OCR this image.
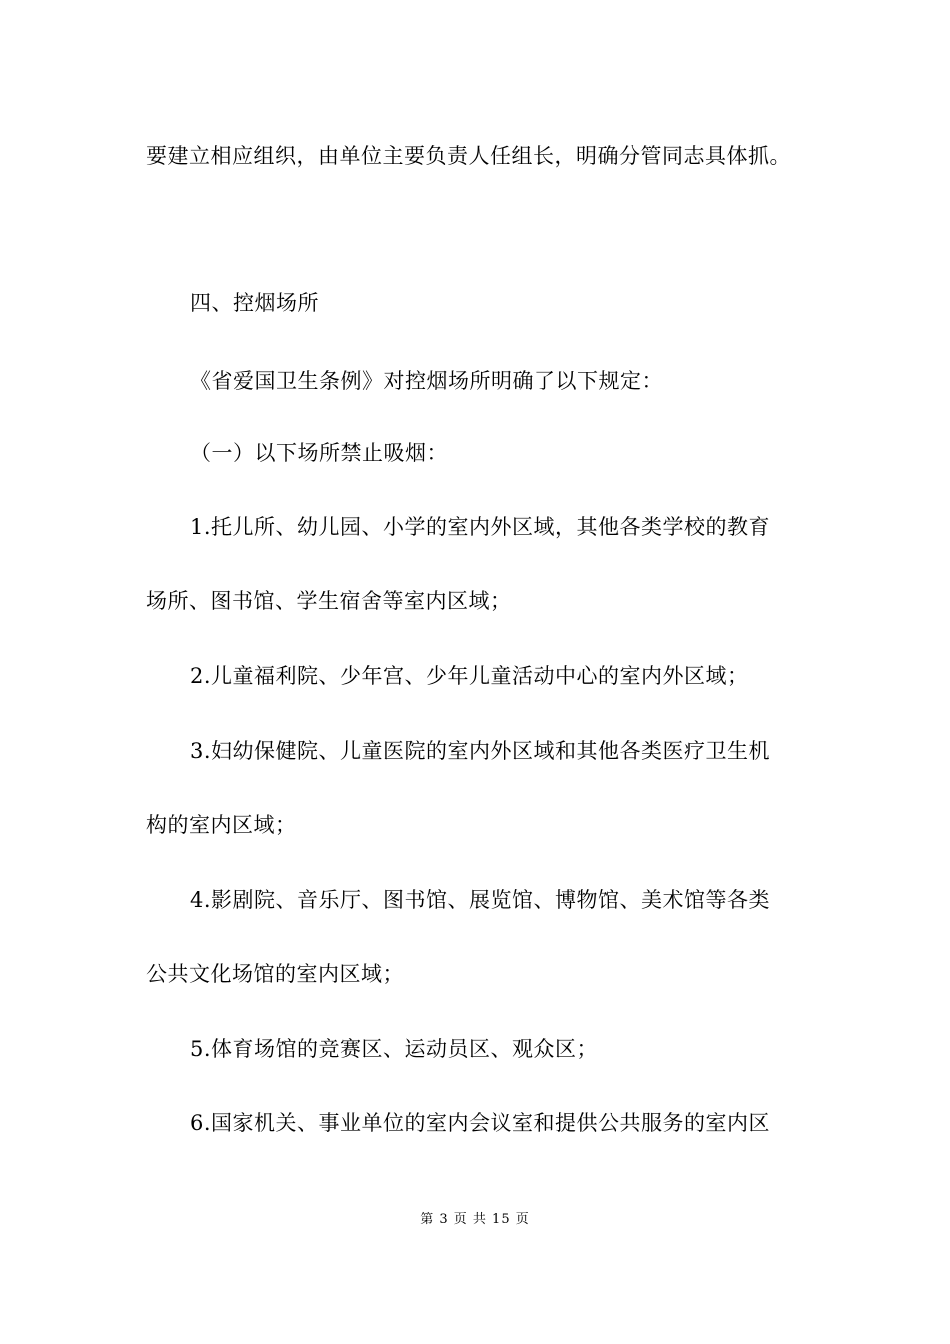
要建立相应组织，由单位主要负责人任组长，明确分管同志具体抓。
四、控烟场所
《省爱国卫生条例》对控烟场所明确了以下规定：
（一）以下场所禁止吸烟：
1.托儿所、幼儿园、小学的室内外区域，其他各类学校的教育
场所、图书馆、学生宿舍等室内区域；
2.儿童福利院、少年宫、少年儿童活动中心的室内外区域；
3.妇幼保健院、儿童医院的室内外区域和其他各类医疗卫生机
构的室内区域；
4.影剧院、音乐厅、图书馆、展览馆、博物馆、美术馆等各类
公共文化场馆的室内区域；
5.体育场馆的竞赛区、运动员区、观众区；
6.国家机关、事业单位的室内会议室和提供公共服务的室内区
第 3 页 共 15 页
